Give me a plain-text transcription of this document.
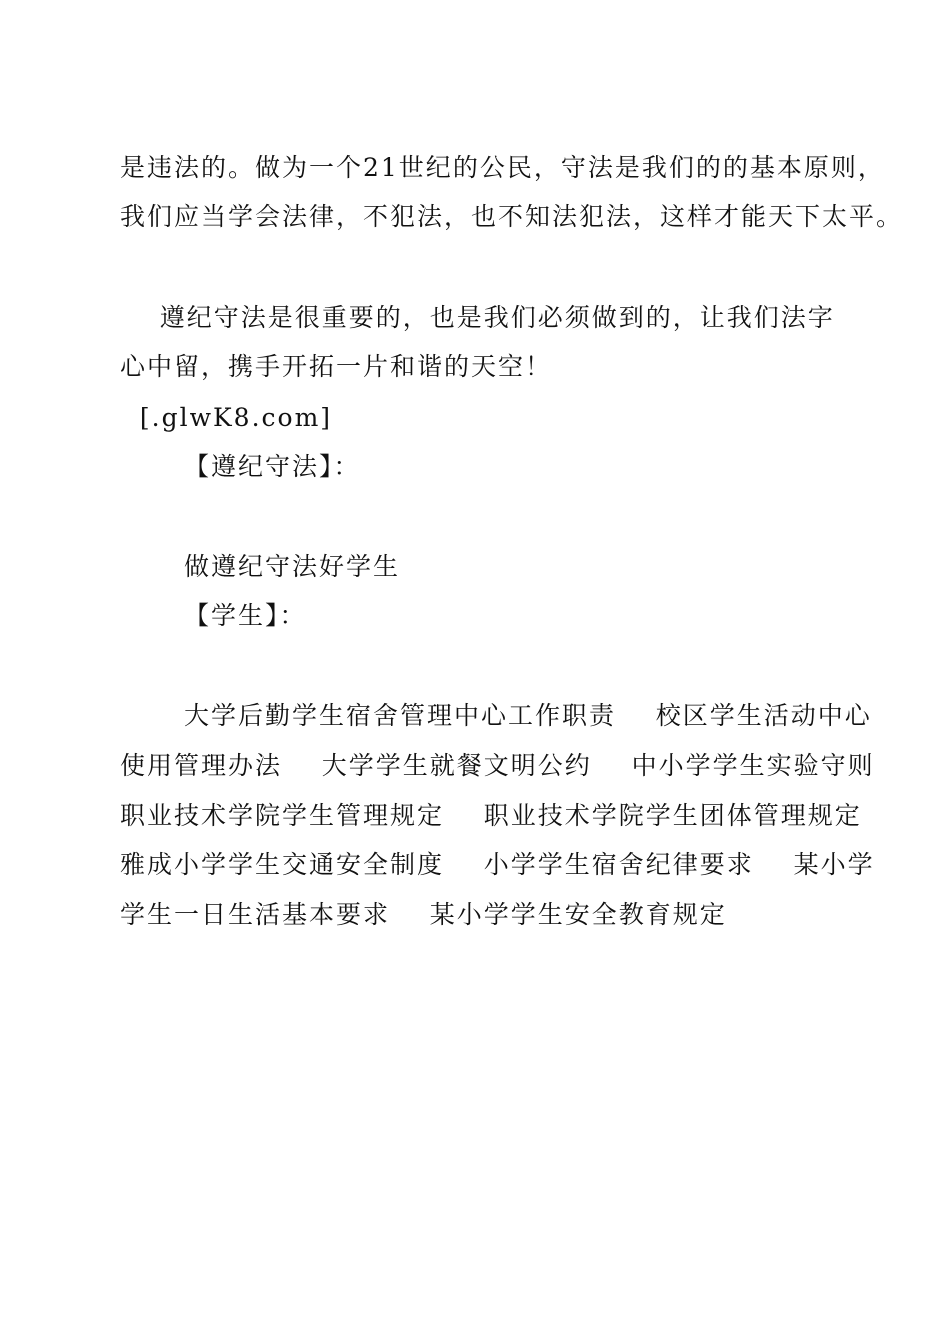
是违法的。做为一个21世纪的公民，守法是我们的的基本原则，
我们应当学会法律，不犯法，也不知法犯法，这样才能天下太平。
遵纪守法是很重要的，也是我们必须做到的，让我们法字
心中留，携手开拓一片和谐的天空！
[.glwK8.com]
【遵纪守法】：
做遵纪守法好学生
【学生】：
大学后勤学生宿舍管理中心工作职责    校区学生活动中心
使用管理办法    大学学生就餐文明公约    中小学学生实验守则
职业技术学院学生管理规定    职业技术学院学生团体管理规定
雅成小学学生交通安全制度    小学学生宿舍纪律要求    某小学
学生一日生活基本要求    某小学学生安全教育规定
